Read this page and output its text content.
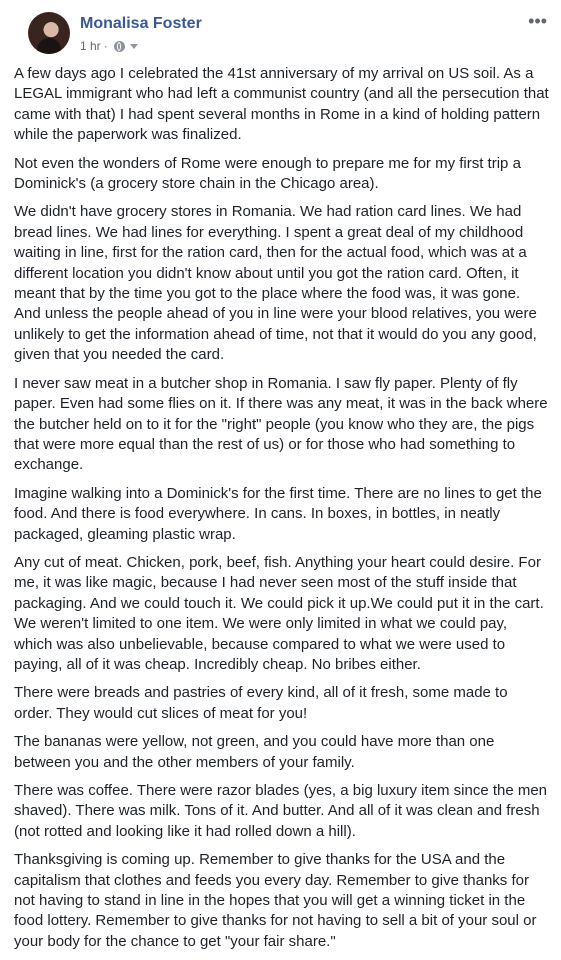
Monalisa Foster
1 hr ·
•••

A few days ago I celebrated the 41st anniversary of my arrival on US soil. As a LEGAL immigrant who had left a communist country (and all the persecution that came with that) I had spent several months in Rome in a kind of holding pattern while the paperwork was finalized.

Not even the wonders of Rome were enough to prepare me for my first trip a Dominick's (a grocery store chain in the Chicago area).

We didn't have grocery stores in Romania. We had ration card lines. We had bread lines. We had lines for everything. I spent a great deal of my childhood waiting in line, first for the ration card, then for the actual food, which was at a different location you didn't know about until you got the ration card. Often, it meant that by the time you got to the place where the food was, it was gone. And unless the people ahead of you in line were your blood relatives, you were unlikely to get the information ahead of time, not that it would do you any good, given that you needed the card.

I never saw meat in a butcher shop in Romania. I saw fly paper. Plenty of fly paper. Even had some flies on it. If there was any meat, it was in the back where the butcher held on to it for the "right" people (you know who they are, the pigs that were more equal than the rest of us) or for those who had something to exchange.

Imagine walking into a Dominick's for the first time. There are no lines to get the food. And there is food everywhere. In cans. In boxes, in bottles, in neatly packaged, gleaming plastic wrap.

Any cut of meat. Chicken, pork, beef, fish. Anything your heart could desire. For me, it was like magic, because I had never seen most of the stuff inside that packaging. And we could touch it. We could pick it up.We could put it in the cart. We weren't limited to one item. We were only limited in what we could pay, which was also unbelievable, because compared to what we were used to paying, all of it was cheap. Incredibly cheap. No bribes either.

There were breads and pastries of every kind, all of it fresh, some made to order. They would cut slices of meat for you!

The bananas were yellow, not green, and you could have more than one between you and the other members of your family.

There was coffee. There were razor blades (yes, a big luxury item since the men shaved). There was milk. Tons of it. And butter. And all of it was clean and fresh (not rotted and looking like it had rolled down a hill).

Thanksgiving is coming up. Remember to give thanks for the USA and the capitalism that clothes and feeds you every day. Remember to give thanks for not having to stand in line in the hopes that you will get a winning ticket in the food lottery. Remember to give thanks for not having to sell a bit of your soul or your body for the chance to get "your fair share."
